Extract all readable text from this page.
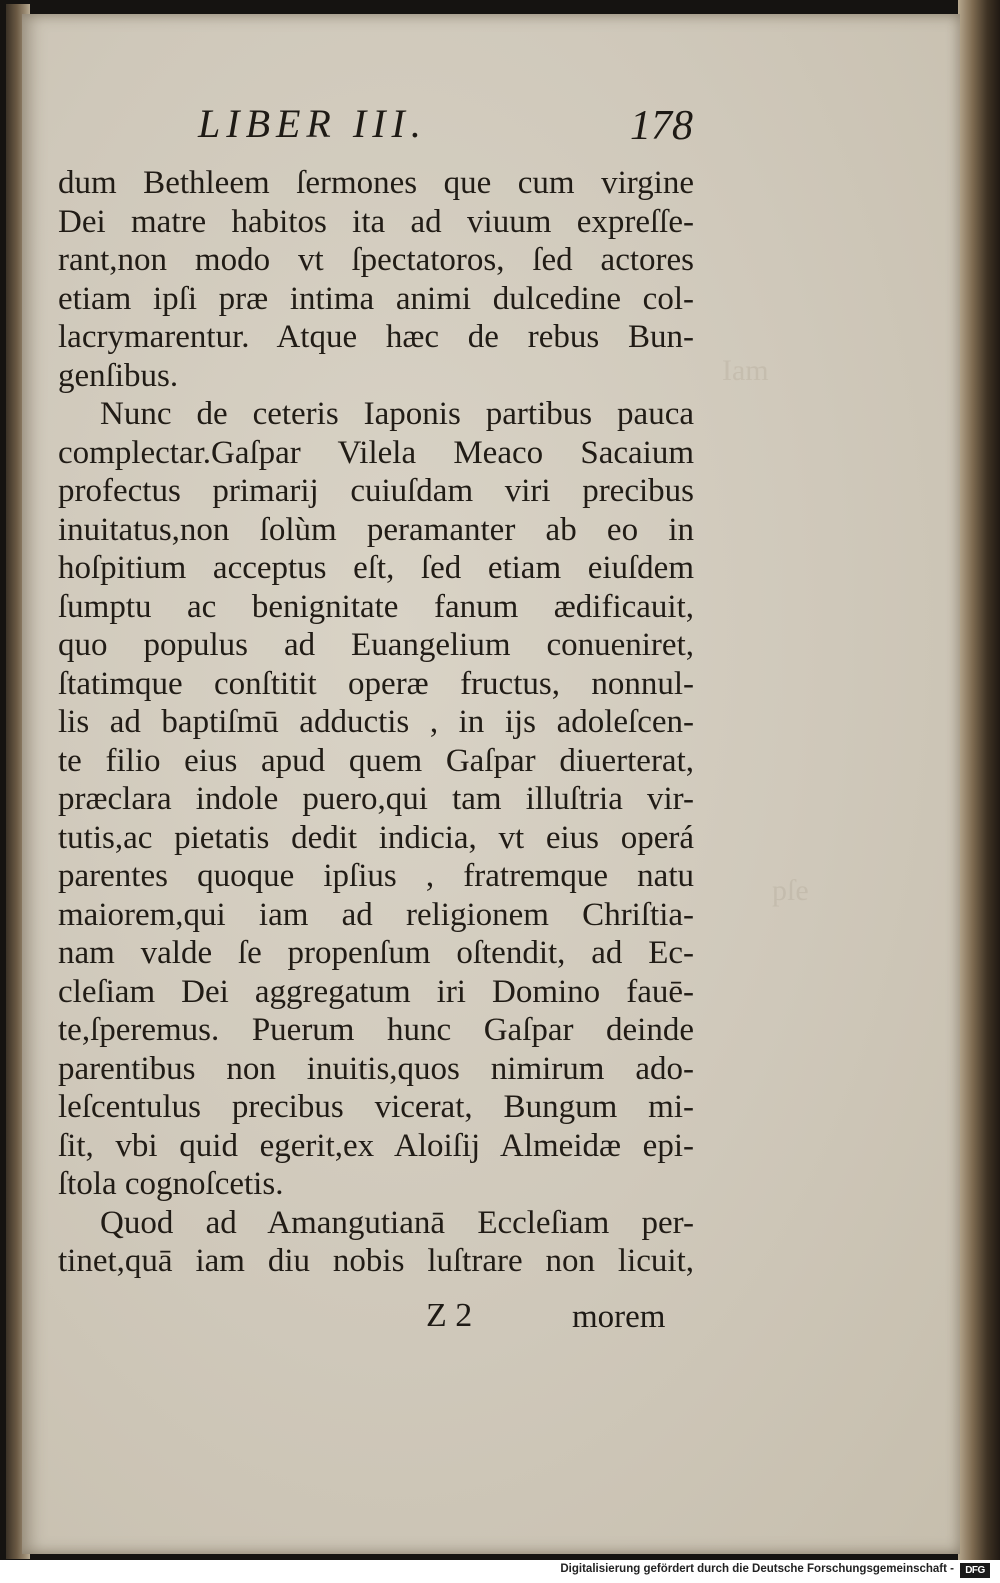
LIBER III.	178
Iam
pſe
dum Bethleem ſermones que cum virgine
Dei matre habitos ita ad viuum expreſſe-
rant,non modo vt ſpectatoros, ſed actores
etiam ipſi præ intima animi dulcedine col-
lacrymarentur. Atque hæc de rebus Bun-
genſibus.
Nunc de ceteris Iaponis partibus pauca
complectar.Gaſpar Vilela Meaco Sacaium
profectus primarij cuiuſdam viri precibus
inuitatus,non ſolùm peramanter ab eo in
hoſpitium acceptus eſt, ſed etiam eiuſdem
ſumptu ac benignitate fanum ædificauit,
quo populus ad Euangelium conueniret,
ſtatimque conſtitit operæ fructus, nonnul-
lis ad baptiſmū adductis , in ijs adoleſcen-
te filio eius apud quem Gaſpar diuerterat,
præclara indole puero,qui tam illuſtria vir-
tutis,ac pietatis dedit indicia, vt eius operá
parentes quoque ipſius , fratremque natu
maiorem,qui iam ad religionem Chriſtia-
nam valde ſe propenſum oſtendit, ad Ec-
cleſiam Dei aggregatum iri Domino fauē-
te,ſperemus. Puerum hunc Gaſpar deinde
parentibus non inuitis,quos nimirum ado-
leſcentulus precibus vicerat, Bungum mi-
ſit, vbi quid egerit,ex Aloiſij Almeidæ epi-
ſtola cognoſcetis.
Quod ad Amangutianā Eccleſiam per-
tinet,quā iam diu nobis luſtrare non licuit,
Z 2	morem
Digitalisierung gefördert durch die Deutsche Forschungsgemeinschaft -	DFG
